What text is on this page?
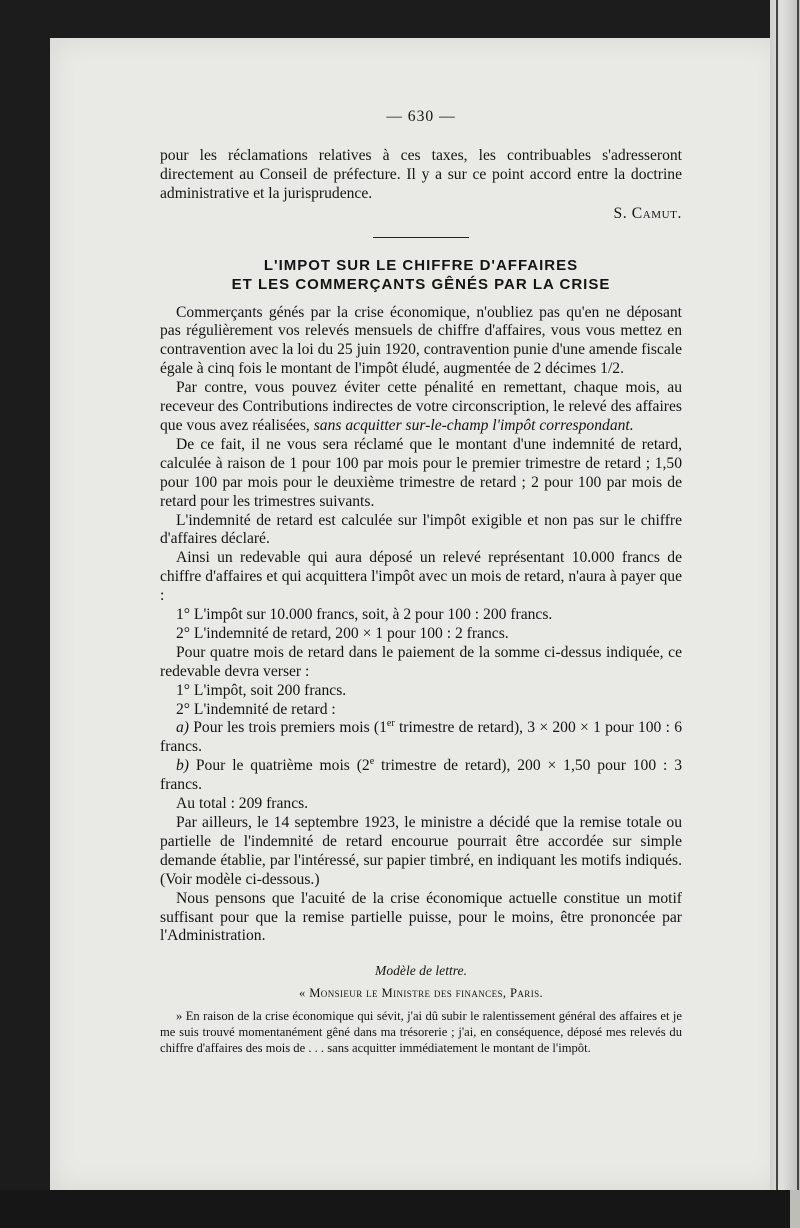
— 630 —

pour les réclamations relatives à ces taxes, les contribuables s'adresseront directement au Conseil de préfecture. Il y a sur ce point accord entre la doctrine administrative et la jurisprudence.

S. Camut.
L'IMPOT SUR LE CHIFFRE D'AFFAIRES
ET LES COMMERÇANTS GÊNÉS PAR LA CRISE

Commerçants génés par la crise économique, n'oubliez pas qu'en ne déposant pas régulièrement vos relevés mensuels de chiffre d'affaires, vous vous mettez en contravention avec la loi du 25 juin 1920, contravention punie d'une amende fiscale égale à cinq fois le montant de l'impôt éludé, augmentée de 2 décimes 1/2.

Par contre, vous pouvez éviter cette pénalité en remettant, chaque mois, au receveur des Contributions indirectes de votre circonscription, le relevé des affaires que vous avez réalisées, sans acquitter sur-le-champ l'impôt correspondant.

De ce fait, il ne vous sera réclamé que le montant d'une indemnité de retard, calculée à raison de 1 pour 100 par mois pour le premier trimestre de retard ; 1,50 pour 100 par mois pour le deuxième trimestre de retard ; 2 pour 100 par mois de retard pour les trimestres suivants.

L'indemnité de retard est calculée sur l'impôt exigible et non pas sur le chiffre d'affaires déclaré.

Ainsi un redevable qui aura déposé un relevé représentant 10.000 francs de chiffre d'affaires et qui acquittera l'impôt avec un mois de retard, n'aura à payer que :

1° L'impôt sur 10.000 francs, soit, à 2 pour 100 : 200 francs.

2° L'indemnité de retard, 200 × 1 pour 100 : 2 francs.

Pour quatre mois de retard dans le paiement de la somme ci-dessus indiquée, ce redevable devra verser :

1° L'impôt, soit 200 francs.

2° L'indemnité de retard :

a) Pour les trois premiers mois (1er trimestre de retard), 3 × 200 × 1 pour 100 : 6 francs.

b) Pour le quatrième mois (2e trimestre de retard), 200 × 1,50 pour 100 : 3 francs.

Au total : 209 francs.

Par ailleurs, le 14 septembre 1923, le ministre a décidé que la remise totale ou partielle de l'indemnité de retard encourue pourrait être accordée sur simple demande établie, par l'intéressé, sur papier timbré, en indiquant les motifs indiqués. (Voir modèle ci-dessous.)

Nous pensons que l'acuité de la crise économique actuelle constitue un motif suffisant pour que la remise partielle puisse, pour le moins, être prononcée par l'Administration.

Modèle de lettre.
« Monsieur le Ministre des finances, Paris.

» En raison de la crise économique qui sévit, j'ai dû subir le ralentissement général des affaires et je me suis trouvé momentanément gêné dans ma trésorerie ; j'ai, en conséquence, déposé mes relevés du chiffre d'affaires des mois de . . . sans acquitter immédiatement le montant de l'impôt.
